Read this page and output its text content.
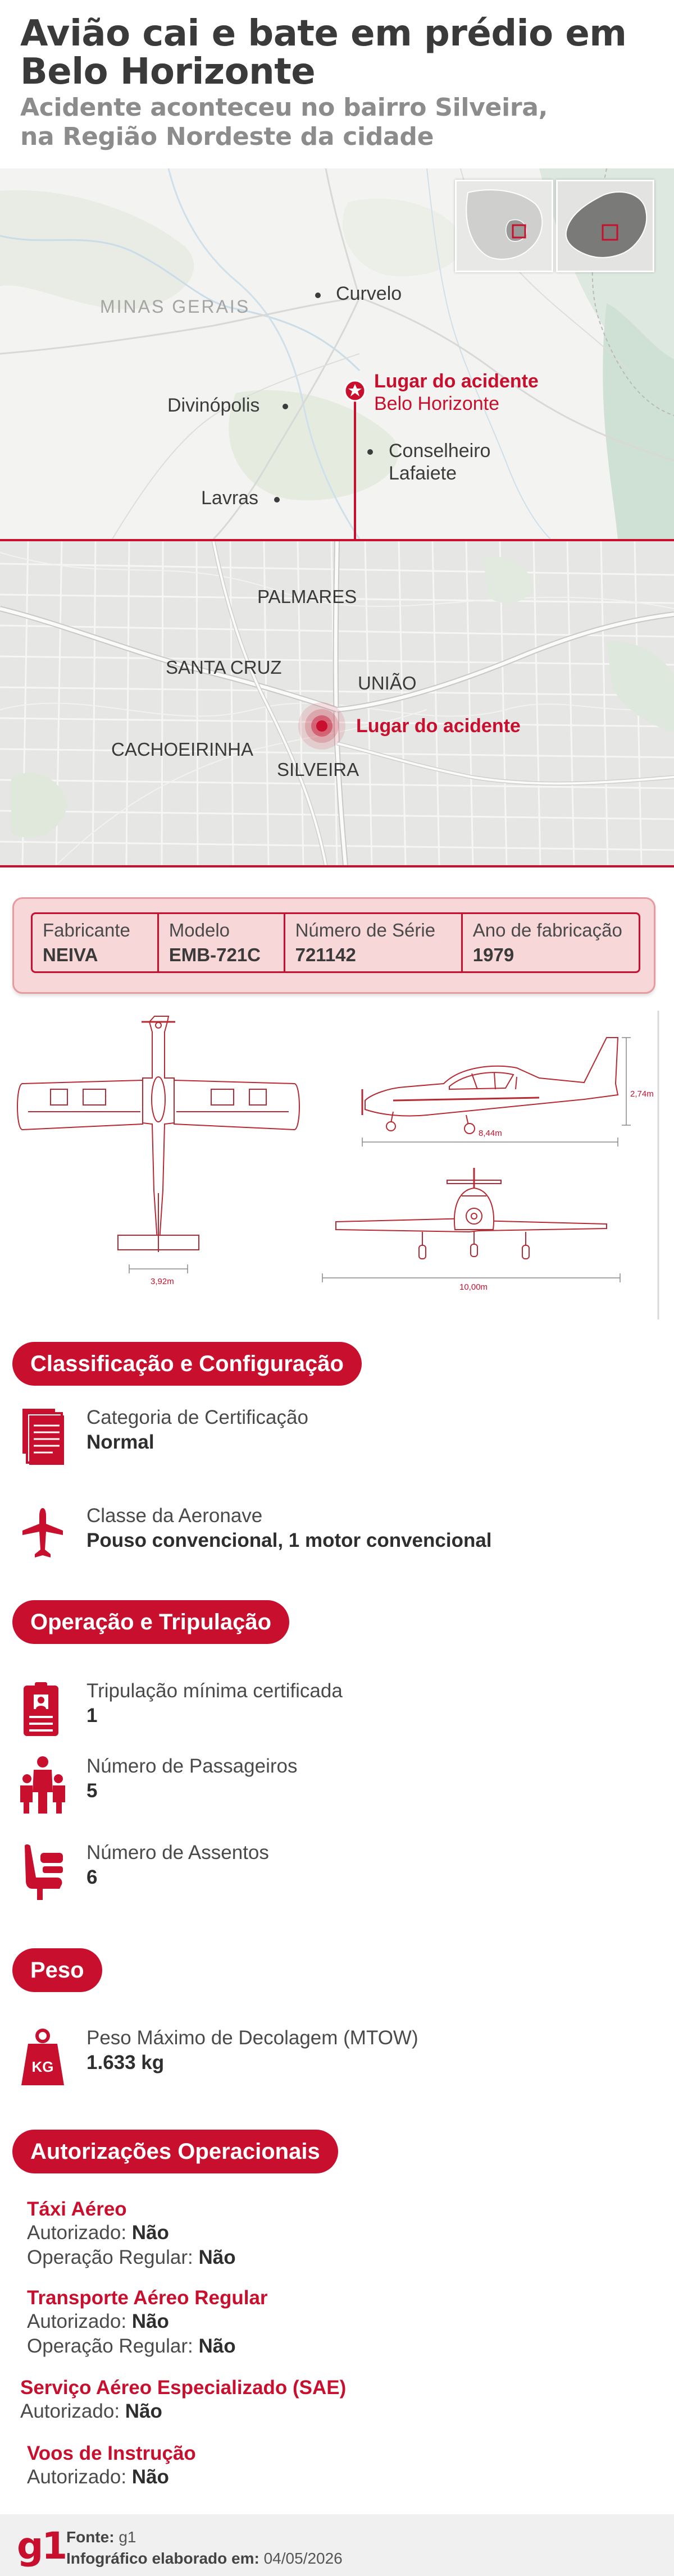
Avião cai e bate em prédio em
Belo Horizonte
Acidente aconteceu no bairro Silveira,
na Região Nordeste da cidade
MINAS GERAIS
Curvelo
Divinópolis
Lavras
Conselheiro
Lafaiete
Lugar do acidente
Belo Horizonte
PALMARES
SANTA CRUZ
UNIÃO
CACHOEIRINHA
SILVEIRA
Lugar do acidente
Fabricante
NEIVA
Modelo
EMB-721C
Número de Série
721142
Ano de fabricação
1979
3,92m
2,74m
8,44m
10,00m
Classificação e Configuração
Categoria de Certificação
Normal
Classe da Aeronave
Pouso convencional, 1 motor convencional
Operação e Tripulação
Tripulação mínima certificada
1
Número de Passageiros
5
Número de Assentos
6
Peso
KG
Peso Máximo de Decolagem (MTOW)
1.633 kg
Autorizações Operacionais
Táxi Aéreo
Autorizado: Não
Operação Regular: Não
Transporte Aéreo Regular
Autorizado: Não
Operação Regular: Não
Serviço Aéreo Especializado (SAE)
Autorizado: Não
Voos de Instrução
Autorizado: Não
g1 Fonte: g1
Infográfico elaborado em: 04/05/2026
